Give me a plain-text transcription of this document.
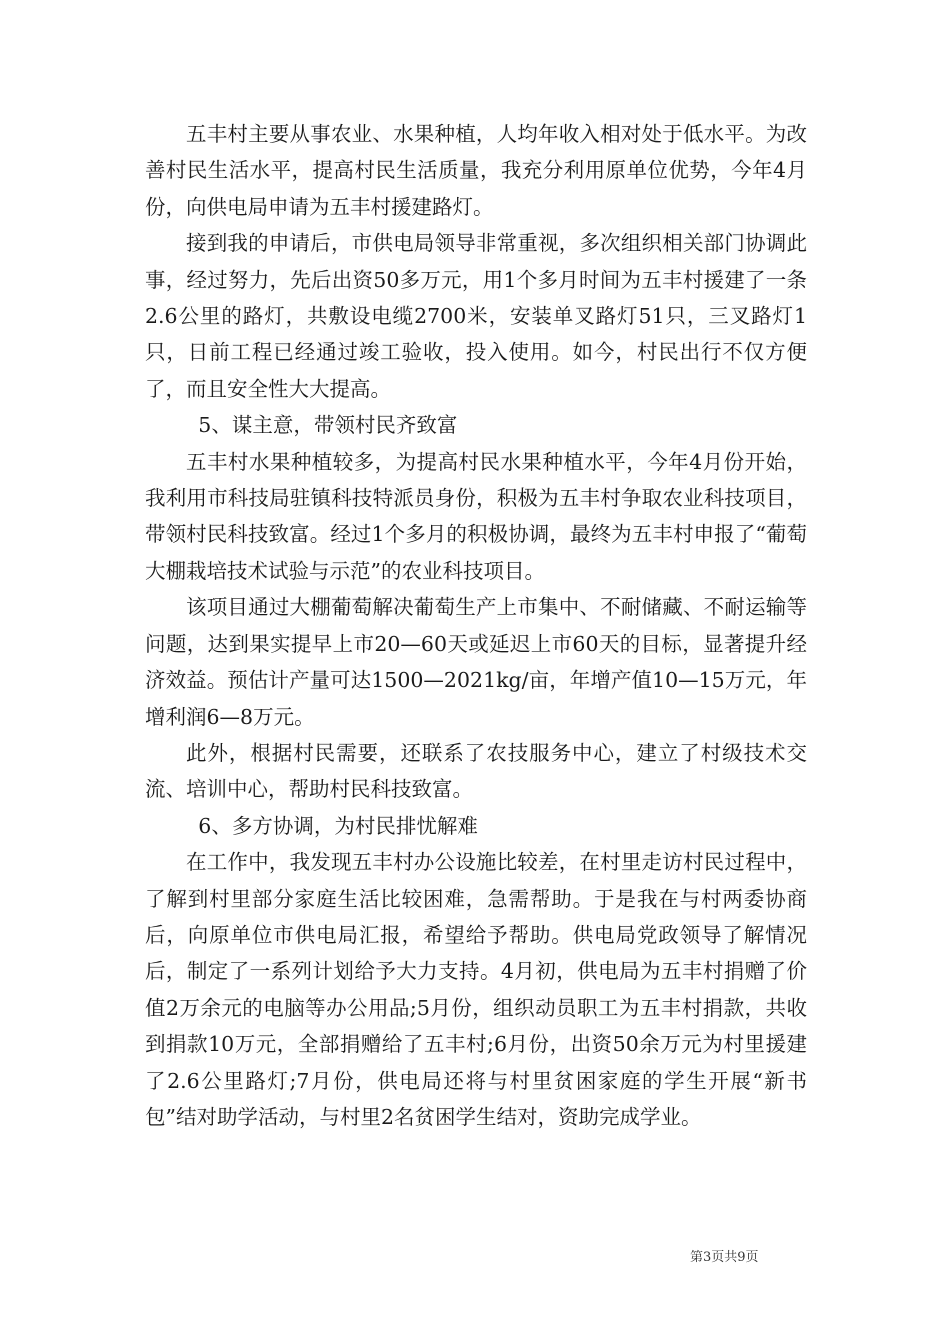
五丰村主要从事农业、水果种植，人均年收入相对处于低水平。为改善村民生活水平，提高村民生活质量，我充分利用原单位优势，今年4月份，向供电局申请为五丰村援建路灯。

接到我的申请后，市供电局领导非常重视，多次组织相关部门协调此事，经过努力，先后出资50多万元，用1个多月时间为五丰村援建了一条2.6公里的路灯，共敷设电缆2700米，安装单叉路灯51只，三叉路灯1只，日前工程已经通过竣工验收，投入使用。如今，村民出行不仅方便了，而且安全性大大提高。

5、谋主意，带领村民齐致富

五丰村水果种植较多，为提高村民水果种植水平，今年4月份开始，我利用市科技局驻镇科技特派员身份，积极为五丰村争取农业科技项目，带领村民科技致富。经过1个多月的积极协调，最终为五丰村申报了“葡萄大棚栽培技术试验与示范”的农业科技项目。

该项目通过大棚葡萄解决葡萄生产上市集中、不耐储藏、不耐运输等问题，达到果实提早上市20—60天或延迟上市60天的目标，显著提升经济效益。预估计产量可达1500—2021kg/亩，年增产值10—15万元，年增利润6—8万元。

此外，根据村民需要，还联系了农技服务中心，建立了村级技术交流、培训中心，帮助村民科技致富。

6、多方协调，为村民排忧解难

在工作中，我发现五丰村办公设施比较差，在村里走访村民过程中，了解到村里部分家庭生活比较困难，急需帮助。于是我在与村两委协商后，向原单位市供电局汇报，希望给予帮助。供电局党政领导了解情况后，制定了一系列计划给予大力支持。4月初，供电局为五丰村捐赠了价值2万余元的电脑等办公用品;5月份，组织动员职工为五丰村捐款，共收到捐款10万元，全部捐赠给了五丰村;6月份，出资50余万元为村里援建了2.6公里路灯;7月份，供电局还将与村里贫困家庭的学生开展“新书包”结对助学活动，与村里2名贫困学生结对，资助完成学业。

第3页共9页
